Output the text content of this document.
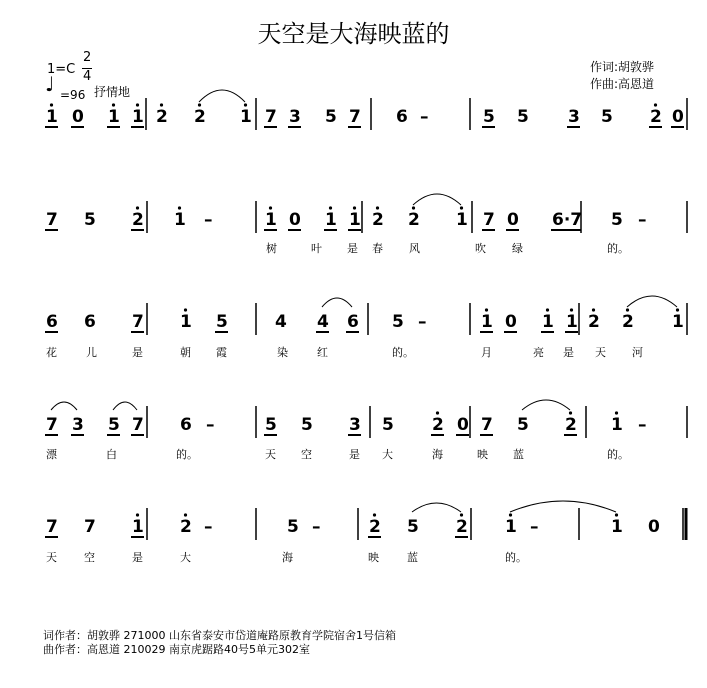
天空是大海映蓝的
1=C
2
4
♩ =96 抒情地
作词:胡敦骅
作曲:高恩道
1 0 1 1 2 2 1 7 3 5 7 6 –	5 5 3 5 2 0
7 5 2 1 –	1 0 1 1 2 2 1 7 0 6·7 5 –
6 6 7 1 5	4 4 6 5 –	1 0 1 1 2 2 1
7 3 5 7 6 –	5 5 3 5 2 0 7 5 2 1 –
7 7 1 2 –	5 –	2 5 2 1 –	1 0
树	叶 是 春 风	吹 绿	的。
花	儿	是	朝 霞	染	红	的。	月	亮 是 天 河
漂	白	的。	天 空	是 大	海	映 蓝	的。
天 空	是	大	海	映	蓝	的。
词作者：胡敦骅 271000 山东省泰安市岱道庵路原教育学院宿舍1号信箱
曲作者：高恩道 210029 南京虎踞路40号5单元302室
